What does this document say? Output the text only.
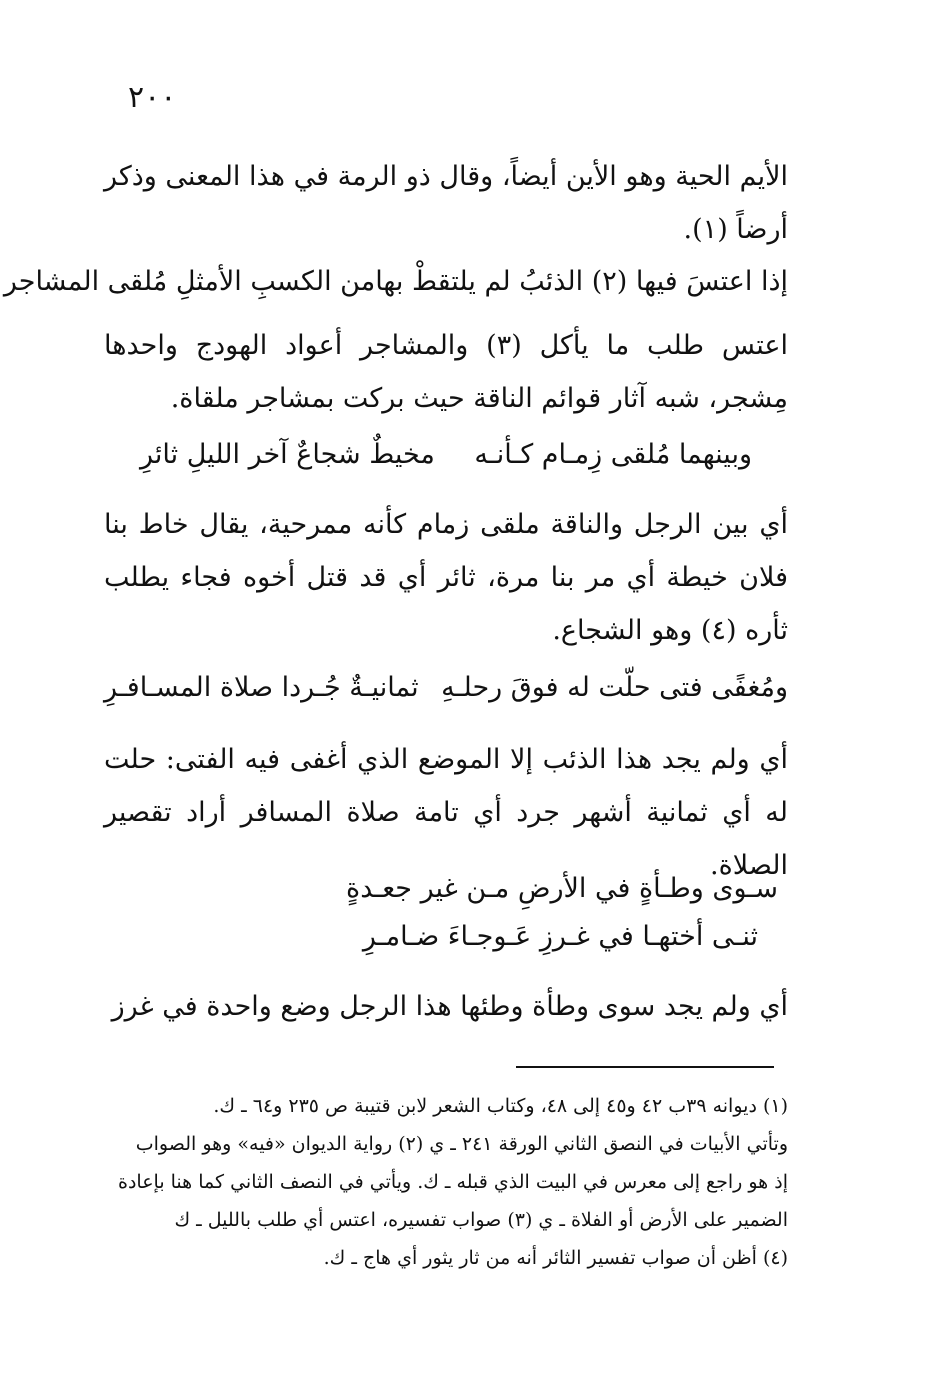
٢٠٠

الأيم الحية وهو الأين أيضاً، وقال ذو الرمة في هذا المعنى وذكر أرضاً (١).

إذا اعتسَ فيها (٢) الذئبُ لم يلتقطْ بها
من الكسبِ الأمثلِ مُلقى المشاجر

اعتس طلب ما يأكل (٣) والمشاجر أعواد الهودج واحدها مِشجر، شبه آثار قوائم الناقة حيث بركت بمشاجر ملقاة.

وبينهما مُلقى زِمـام كـأنـه
مخيطٌ شجاعٌ آخر الليلِ ثائرِ

أي بين الرجل والناقة ملقى زمام كأنه ممرحية، يقال خاط بنا فلان خيطة أي مر بنا مرة، ثائر أي قد قتل أخوه فجاء يطلب ثأره (٤) وهو الشجاع.

ومُغفًى فتى حلّت له فوقَ رحلـهِ
ثمانيـةٌ جُـردا صلاة المسـافـرِ

أي ولم يجد هذا الذئب إلا الموضع الذي أغفى فيه الفتى: حلت له أي ثمانية أشهر جرد أي تامة صلاة المسافر أراد تقصير الصلاة.

سـوى وطـأةٍ في الأرضِ مـن غير جعـدةٍ
ثنـى أختهـا في غـرزِ عَـوجـاءَ ضـامـرِ

أي ولم يجد سوى وطأة وطئها هذا الرجل وضع واحدة في غرز

(١) ديوانه ٣٩ب ٤٢ و٤٥ إلى ٤٨، وكتاب الشعر لابن قتيبة ص ٢٣٥ و٦٤ ـ ك.
وتأتي الأبيات في النصق الثاني الورقة ٢٤١ ـ ي (٢) رواية الديوان «فيه» وهو الصواب
إذ هو راجع إلى معرس في البيت الذي قبله ـ ك. ويأتي في النصف الثاني كما هنا بإعادة
الضمير على الأرض أو الفلاة ـ ي (٣) صواب تفسيره، اعتس أي طلب بالليل ـ ك
(٤) أظن أن صواب تفسير الثائر أنه من ثار يثور أي هاج ـ ك.
